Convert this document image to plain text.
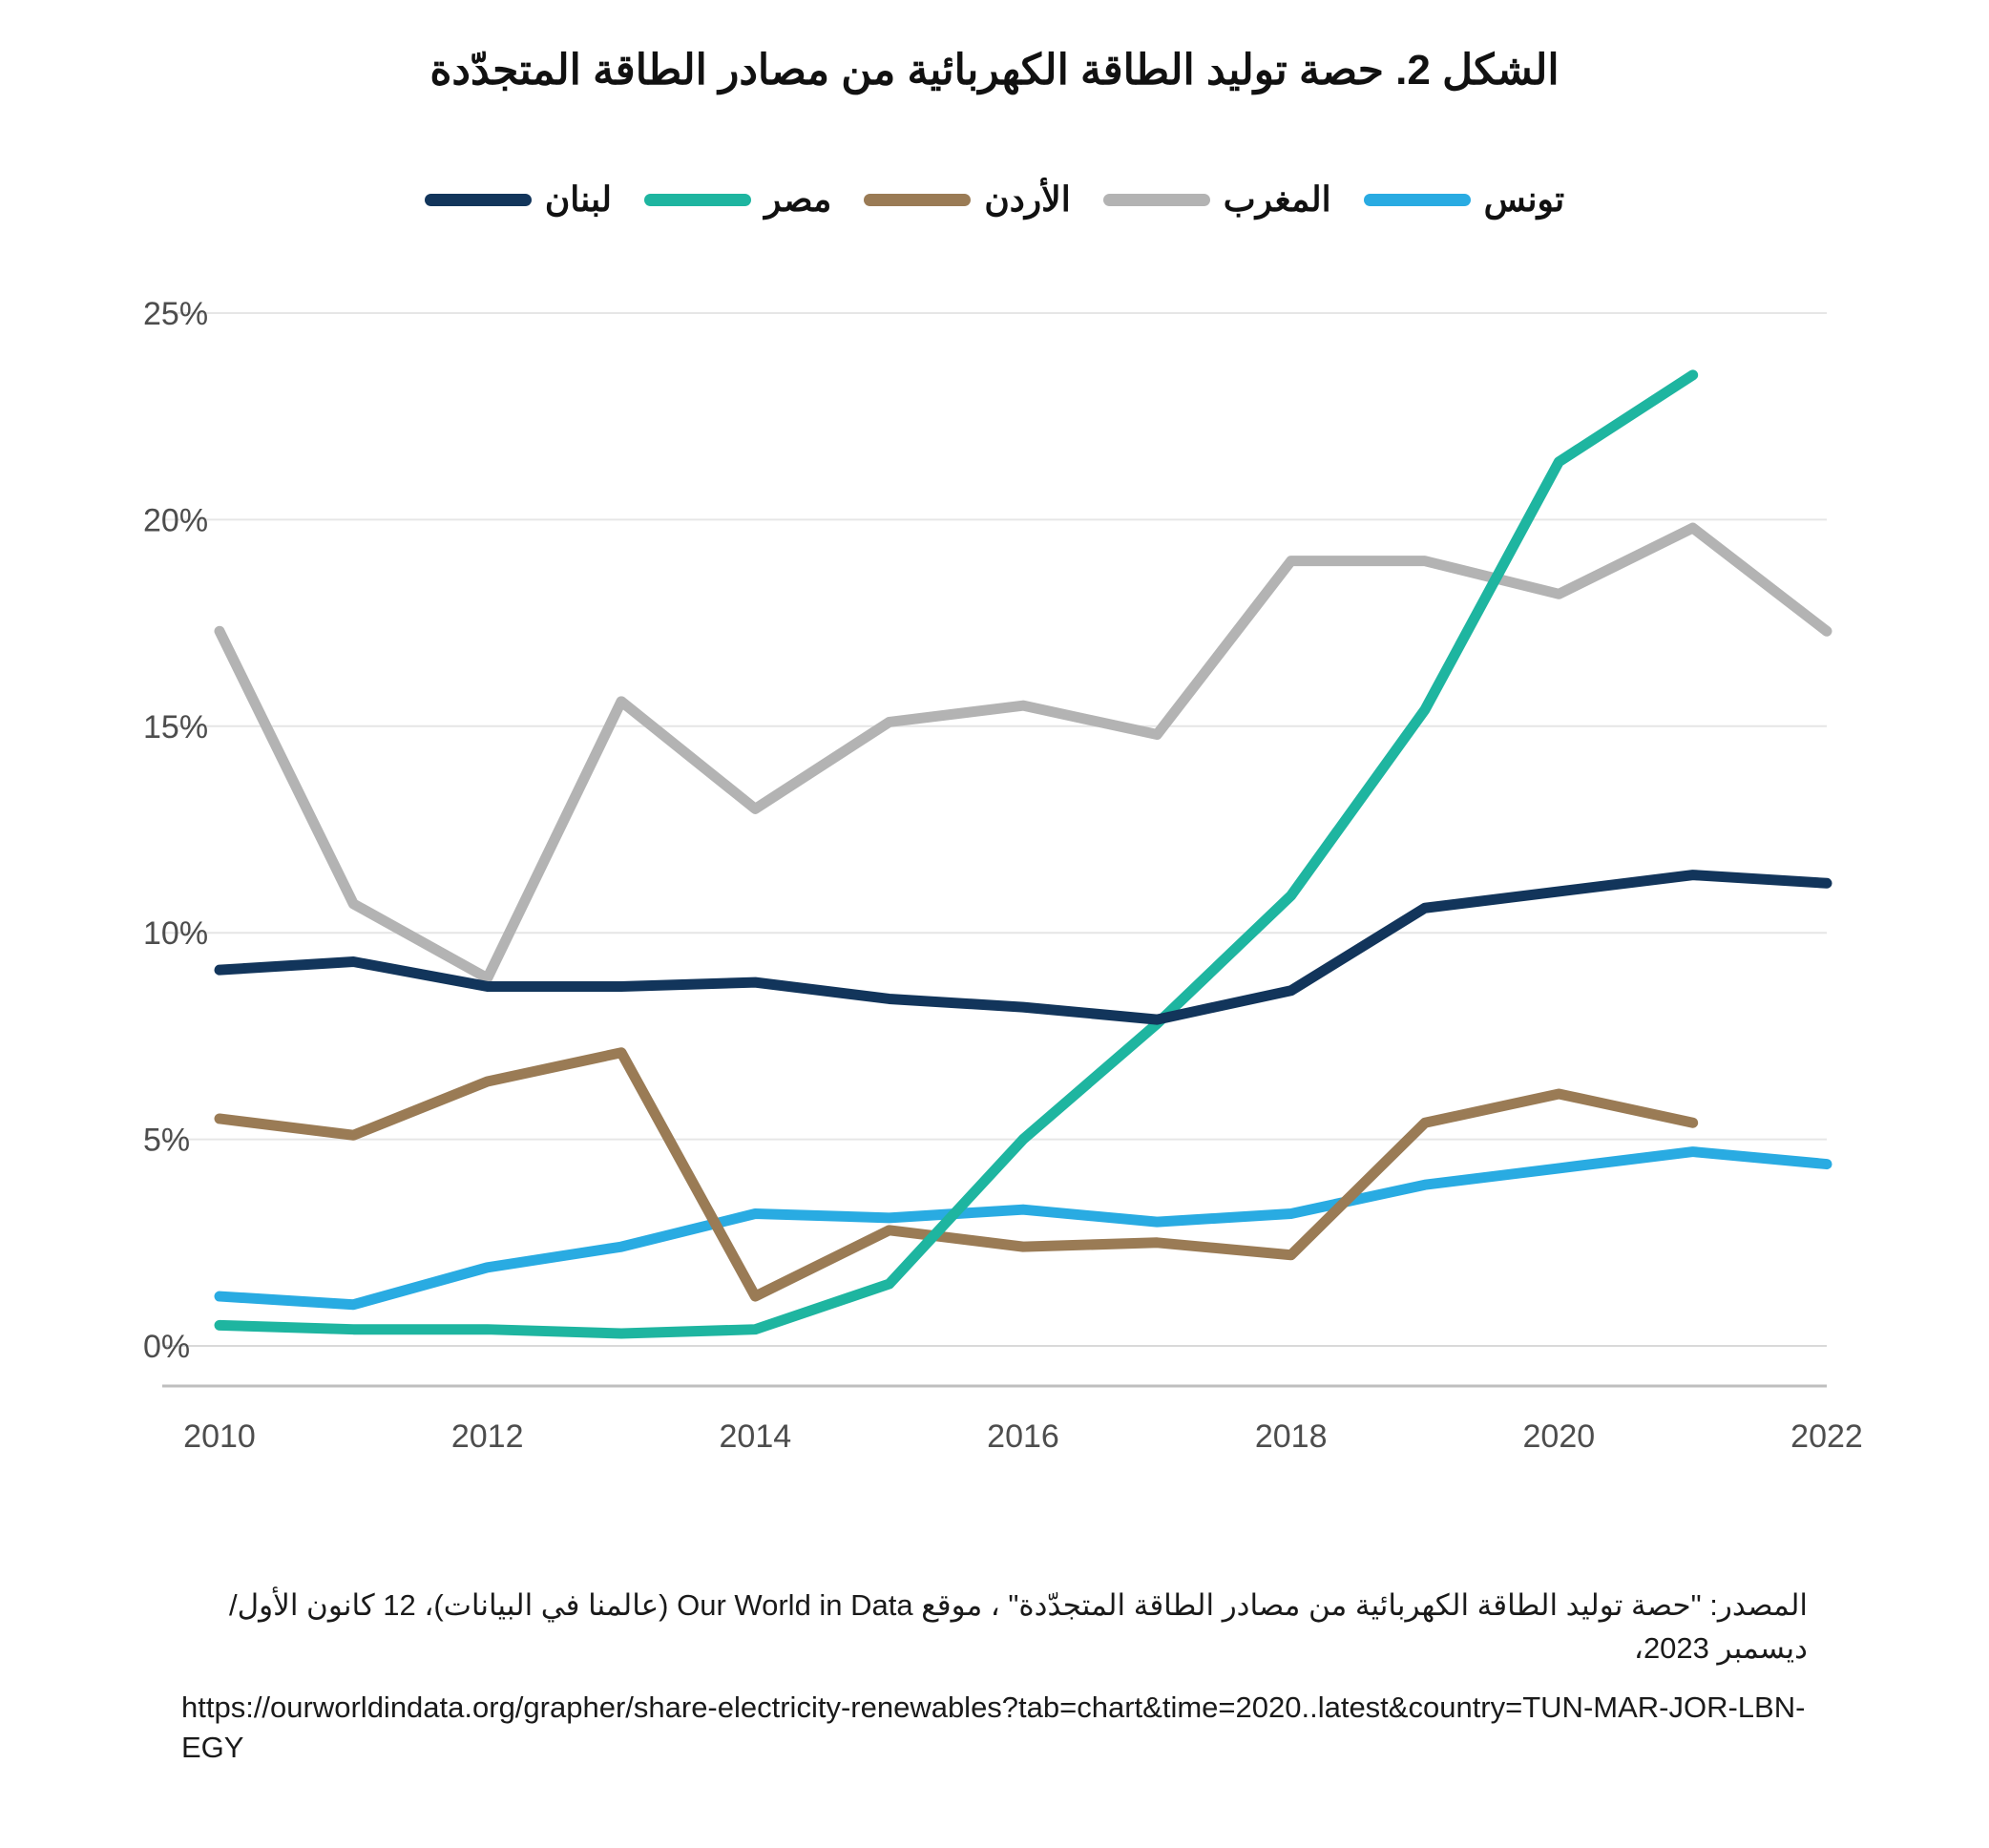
الشكل 2. حصة توليد الطاقة الكهربائية من مصادر الطاقة المتجدّدة
تونس
المغرب
الأردن
مصر
لبنان
0%
5%
10%
15%
20%
25%
2010	2012	2014	2016	2018	2020	2022
المصدر: "حصة توليد الطاقة الكهربائية من مصادر الطاقة المتجدّدة" ، موقع Our World in Data (عالمنا في البيانات)، 12 كانون الأول/ديسمبر 2023،
https://ourworldindata.org/grapher/share-electricity-renewables?tab=chart&time=2020..latest&country=TUN-MAR-JOR-LBN-EGY
